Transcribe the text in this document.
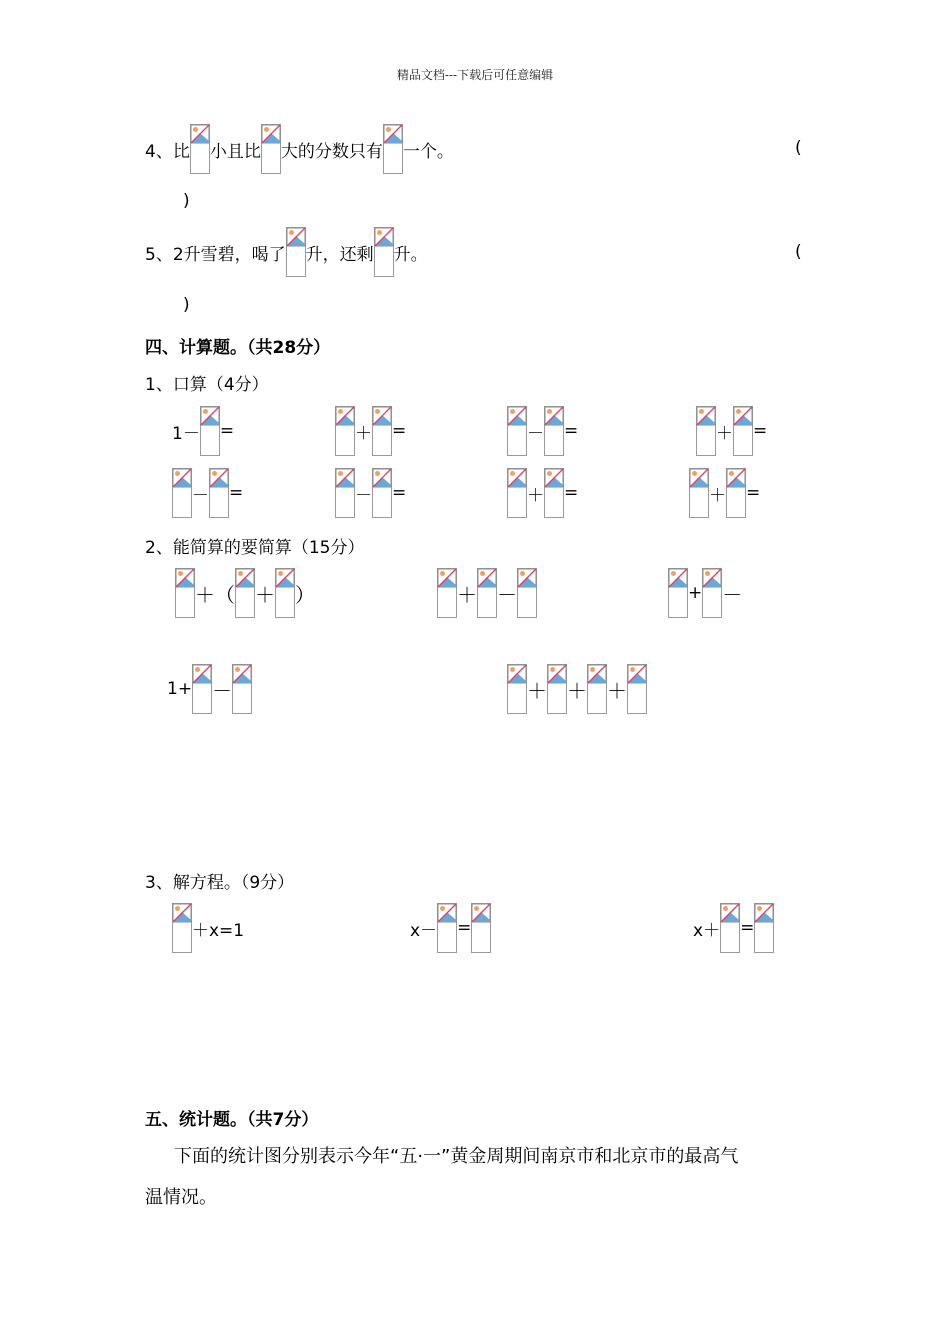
精品文档---下载后可任意编辑
4、比 小且比 大的分数只有 一个。	(
)
5、2升雪碧，喝了 升，还剩 升。	(
)
四、计算题。（共28分）
1、口算（4分）
1－ =	＋ =	－ =	＋ =
－ =	－ =	＋ =	＋ =
2、能简算的要简算（15分）
＋（ ＋ ）	＋ －	+ －
1+ －	＋ ＋ ＋
3、解方程。（9分）
＋x=1	x－ =	x＋ =
五、统计题。（共7分）
下面的统计图分别表示今年“五·一”黄金周期间南京市和北京市的最高气
温情况。
